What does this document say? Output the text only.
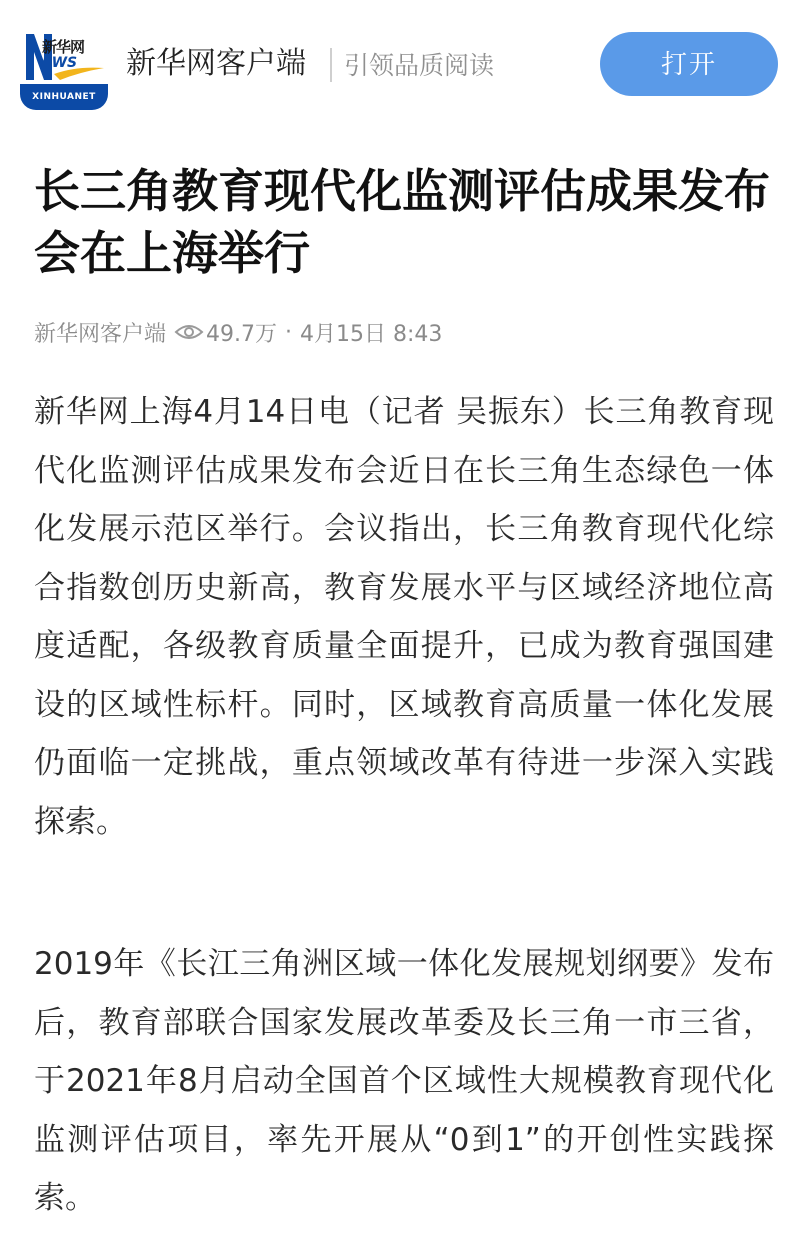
新华网
EWS
XINHUANET
新华网客户端 引领品质阅读	打开
长三角教育现代化监测评估成果发布会在上海举行
新华网客户端 49.7万 · 4月15日 8:43

新华网上海4月14日电（记者 吴振东）长三角教育现代化监测评估成果发布会近日在长三角生态绿色一体化发展示范区举行。会议指出，长三角教育现代化综合指数创历史新高，教育发展水平与区域经济地位高度适配，各级教育质量全面提升，已成为教育强国建设的区域性标杆。同时，区域教育高质量一体化发展仍面临一定挑战，重点领域改革有待进一步深入实践探索。

2019年《长江三角洲区域一体化发展规划纲要》发布后，教育部联合国家发展改革委及长三角一市三省，于2021年8月启动全国首个区域性大规模教育现代化监测评估项目，率先开展从“0到1”的开创性实践探索。
